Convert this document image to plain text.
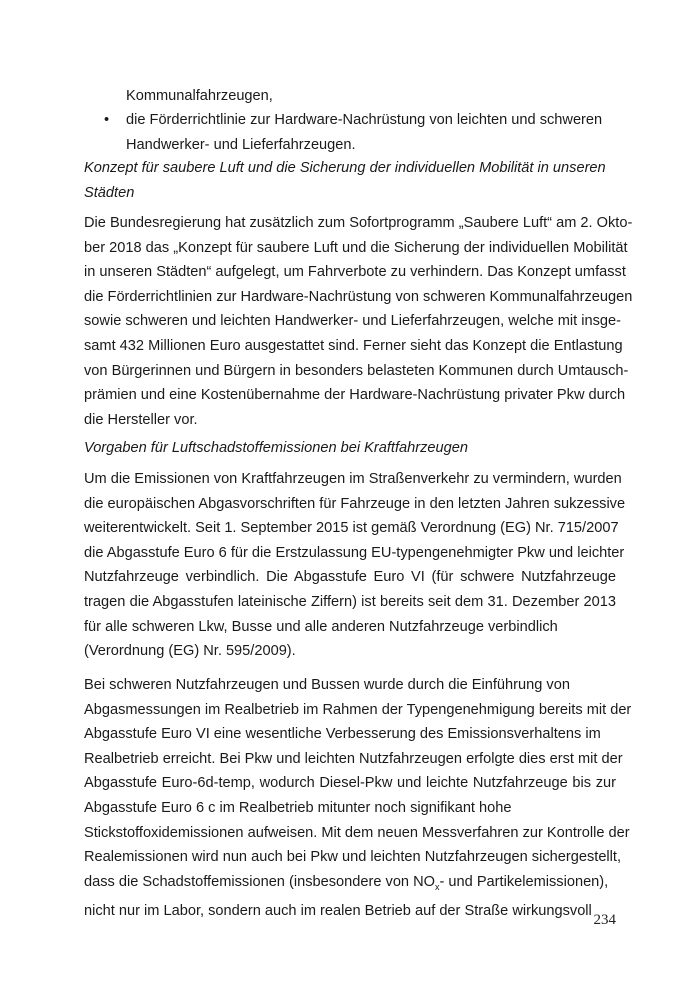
Kommunalfahrzeugen,
• die Förderrichtlinie zur Hardware-Nachrüstung von leichten und schweren
Handwerker- und Lieferfahrzeugen.
Konzept für saubere Luft und die Sicherung der individuellen Mobilität in unseren
Städten
Die Bundesregierung hat zusätzlich zum Sofortprogramm „Saubere Luft“ am 2. Okto-
ber 2018 das „Konzept für saubere Luft und die Sicherung der individuellen Mobilität
in unseren Städten“ aufgelegt, um Fahrverbote zu verhindern. Das Konzept umfasst
die Förderrichtlinien zur Hardware-Nachrüstung von schweren Kommunalfahrzeugen
sowie schweren und leichten Handwerker- und Lieferfahrzeugen, welche mit insge-
samt 432 Millionen Euro ausgestattet sind. Ferner sieht das Konzept die Entlastung
von Bürgerinnen und Bürgern in besonders belasteten Kommunen durch Umtausch-
prämien und eine Kostenübernahme der Hardware-Nachrüstung privater Pkw durch
die Hersteller vor.
Vorgaben für Luftschadstoffemissionen bei Kraftfahrzeugen
Um die Emissionen von Kraftfahrzeugen im Straßenverkehr zu vermindern, wurden
die europäischen Abgasvorschriften für Fahrzeuge in den letzten Jahren sukzessive
weiterentwickelt. Seit 1. September 2015 ist gemäß Verordnung (EG) Nr. 715/2007
die Abgasstufe Euro 6 für die Erstzulassung EU-typengenehmigter Pkw und leichter
Nutzfahrzeuge verbindlich. Die Abgasstufe Euro VI (für schwere Nutzfahrzeuge
tragen die Abgasstufen lateinische Ziffern) ist bereits seit dem 31. Dezember 2013
für alle schweren Lkw, Busse und alle anderen Nutzfahrzeuge verbindlich
(Verordnung (EG) Nr. 595/2009).
Bei schweren Nutzfahrzeugen und Bussen wurde durch die Einführung von
Abgasmessungen im Realbetrieb im Rahmen der Typengenehmigung bereits mit der
Abgasstufe Euro VI eine wesentliche Verbesserung des Emissionsverhaltens im
Realbetrieb erreicht. Bei Pkw und leichten Nutzfahrzeugen erfolgte dies erst mit der
Abgasstufe Euro-6d-temp, wodurch Diesel-Pkw und leichte Nutzfahrzeuge bis zur
Abgasstufe Euro 6 c im Realbetrieb mitunter noch signifikant hohe
Stickstoffoxidemissionen aufweisen. Mit dem neuen Messverfahren zur Kontrolle der
Realemissionen wird nun auch bei Pkw und leichten Nutzfahrzeugen sichergestellt,
dass die Schadstoffemissionen (insbesondere von $NO_x-$ und Partikelemissionen),
nicht nur im Labor, sondern auch im realen Betrieb auf der Straße wirkungsvoll
234
